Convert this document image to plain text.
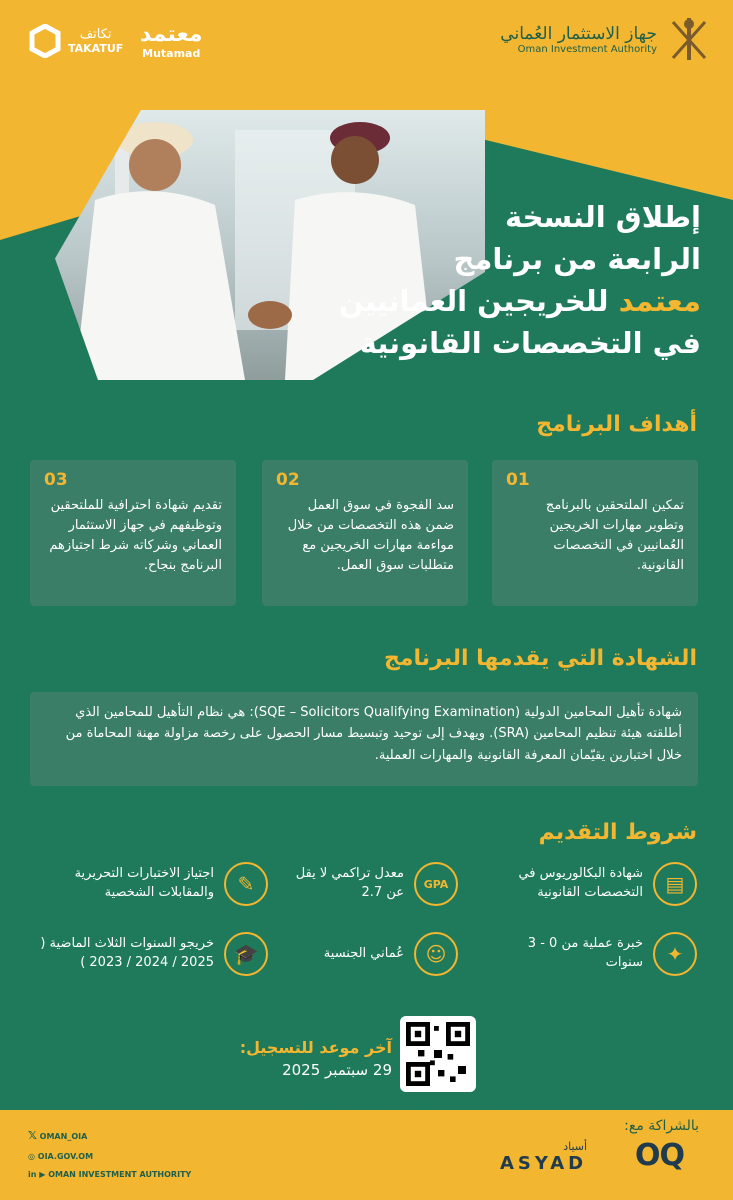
جهاز الاستثمار العُماني
Oman Investment Authority
معتمد
Mutamad
تكاتف
TAKATUF
إطلاق النسخة
الرابعة من برنامج
معتمد للخريجين العمانيين
في التخصصات القانونية
أهداف البرنامج
01
تمكين الملتحقين بالبرنامج وتطوير مهارات الخريجين العُمانيين في التخصصات القانونية.
02
سد الفجوة في سوق العمل ضمن هذه التخصصات من خلال مواءمة مهارات الخريجين مع متطلبات سوق العمل.
03
تقديم شهادة احترافية للملتحقين وتوظيفهم في جهاز الاستثمار العماني وشركاته شرط اجتيازهم البرنامج بنجاح.
الشهادة التي يقدمها البرنامج
شهادة تأهيل المحامين الدولية (SQE – Solicitors Qualifying Examination): هي نظام التأهيل للمحامين الذي أطلقته هيئة تنظيم المحامين (SRA). ويهدف إلى توحيد وتبسيط مسار الحصول على رخصة مزاولة مهنة المحاماة من خلال اختبارين يقيّمان المعرفة القانونية والمهارات العملية.
شروط التقديم
شهادة البكالوريوس في التخصصات القانونية	▤
معدل تراكمي لا يقل عن 2.7
GPA
اجتياز الاختبارات التحريرية والمقابلات الشخصية	✎
خبرة عملية من 0 - 3 سنوات	✦
عُماني الجنسية	☺
خريجو السنوات الثلاث الماضية ( 2025 / 2024 / 2023 ) 🎓
آخر موعد للتسجيل:
29 سبتمبر 2025
𝕏 OMAN_OIA
◎ OIA.GOV.OM
in ▶ OMAN INVESTMENT AUTHORITY
بالشراكة مع:
أسياد
ASYAD OQ
